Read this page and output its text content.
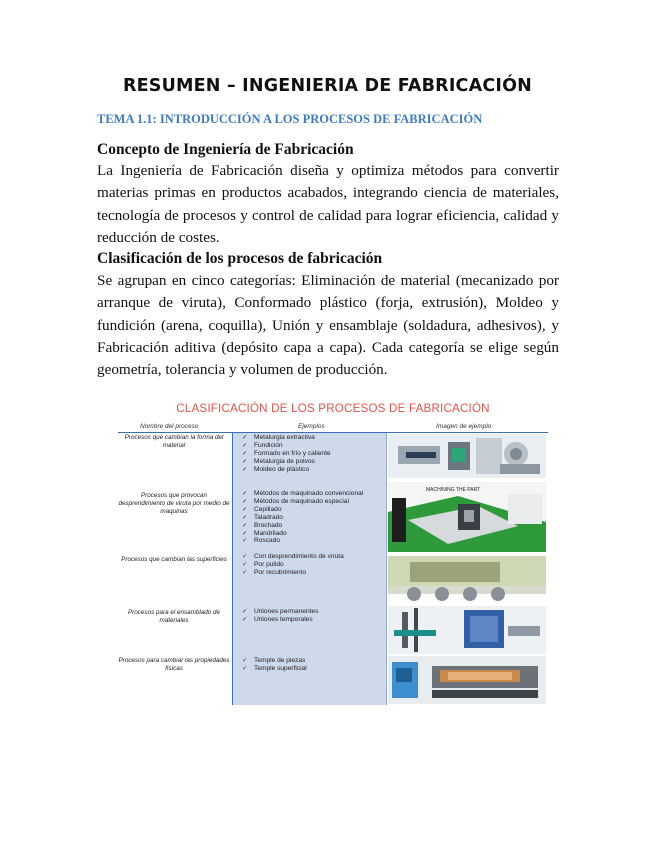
RESUMEN – INGENIERIA DE FABRICACIÓN
TEMA 1.1: INTRODUCCIÓN A LOS PROCESOS DE FABRICACIÓN
Concepto de Ingeniería de Fabricación
La Ingeniería de Fabricación diseña y optimiza métodos para convertir materias primas en productos acabados, integrando ciencia de materiales, tecnología de procesos y control de calidad para lograr eficiencia, calidad y reducción de costes.
Clasificación de los procesos de fabricación
Se agrupan en cinco categorías: Eliminación de material (mecanizado por arranque de viruta), Conformado plástico (forja, extrusión), Moldeo y fundición (arena, coquilla), Unión y ensamblaje (soldadura, adhesivos), y Fabricación aditiva (depósito capa a capa). Cada categoría se elige según geometría, tolerancia y volumen de producción.
CLASIFICACIÓN DE LOS PROCESOS DE FABRICACIÓN
Nombre del proceso	Ejemplos	Imagen de ejemplo
Procesos que cambian la forma del material
✓ Metalurgia extractiva
✓ Fundición
✓ Formado en frío y caliente
✓ Metalurgia de polvos
✓ Moldeo de plástico
Procesos que provocan desprendimiento de viruta por medio de maquinas
✓ Métodos de maquinado convencional
✓ Métodos de maquinado especial
✓ Cepillado
✓ Taladrado
✓ Brochado
✓ Mandrilado
✓ Roscado
MACHINING THE PART
Procesos que cambian las superficies
✓	Con desprendimiento de viruta
✓ Por pulido
✓ Por recubrimiento
Procesos para el ensamblado de materiales
✓ Uniones permanentes
✓ Uniones temporales
Procesos para cambiar las propiedades físicas
✓ Temple de piezas
✓ Temple superficial
